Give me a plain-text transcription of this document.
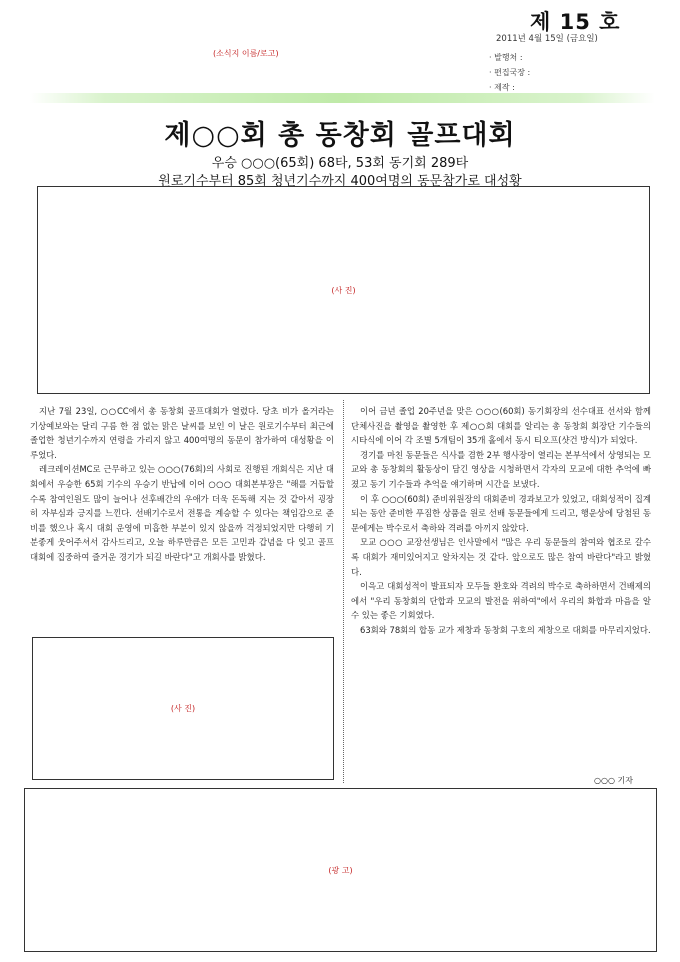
제 15 호
2011년 4월 15일 (금요일)
(소식지 이름/로고)	· 발행처 :
· 편집국장 :
· 제작 :
제○○회 총 동창회 골프대회
우승 ○○○(65회) 68타, 53회 동기회 289타
원로기수부터 85회 청년기수까지 400여명의 동문참가로 대성황
(사 진)

지난 7월 23일, ○○CC에서 총 동창회 골프대회가 열렸다. 당초 비가 올거라는 기상예보와는 달리 구름 한 점 없는 맑은 날씨를 보인 이 날은 원로기수부터 최근에 졸업한 청년기수까지 연령을 가리지 않고 400여명의 동문이 참가하여 대성황을 이루었다.

레크레이션MC로 근무하고 있는 ○○○(76회)의 사회로 진행된 개회식은 지난 대회에서 우승한 65회 기수의 우승기 반납에 이어 ○○○ 대회본부장은 "해를 거듭할수록 참여인원도 많이 늘어나 선후배간의 우애가 더욱 돈독해 지는 것 같아서 굉장히 자부심과 긍지를 느낀다. 선배기수로서 전통을 계승할 수 있다는 책임감으로 준비를 했으나 혹시 대회 운영에 미흡한 부분이 있지 않을까 걱정되었지만 다행히 기분좋게 웃어주셔서 감사드리고, 오늘 하루만큼은 모든 고민과 갑념을 다 잊고 골프대회에 집중하여 즐거운 경기가 되길 바란다"고 개회사를 밝혔다.

이어 금년 졸업 20주년을 맞은 ○○○(60회) 동기회장의 선수대표 선서와 함께 단체사진을 촬영을 촬영한 후 제○○회 대회를 알리는 총 동창회 회장단 기수들의 시타식에 이어 각 조별 5개팀이 35개 홀에서 동시 티오프(샷건 방식)가 되었다.

경기를 마친 동문들은 식사를 겸한 2부 행사장이 열리는 본부석에서 상영되는 모교와 총 동창회의 활동상이 담긴 영상을 시청하면서 각자의 모교에 대한 추억에 빠졌고 동기 기수들과 추억을 얘기하며 시간을 보냈다.

이 후 ○○○(60회) 준비위원장의 대회준비 경과보고가 있었고, 대회성적이 집계되는 동안 준비한 푸짐한 상품을 원로 선배 동문들에게 드리고, 행운상에 당첨된 동문에게는 박수로서 축하와 격려를 아끼지 않았다.

모교 ○○○ 교장선생님은 인사말에서 "많은 우리 동문들의 참여와 협조로 갈수록 대회가 재미있어지고 알차지는 것 같다. 앞으로도 많은 참여 바란다"라고 밝혔다.

이윽고 대회성적이 발표되자 모두들 환호와 격려의 박수로 축하하면서 건배제의에서 "우리 동창회의 단합과 모교의 발전을 위하여"에서 우리의 화합과 마음을 알 수 있는 좋은 기회였다.

63회와 78회의 합동 교가 제창과 동창회 구호의 제창으로 대회를 마무리지었다.

(사 진)
○○○ 기자
(광 고)
